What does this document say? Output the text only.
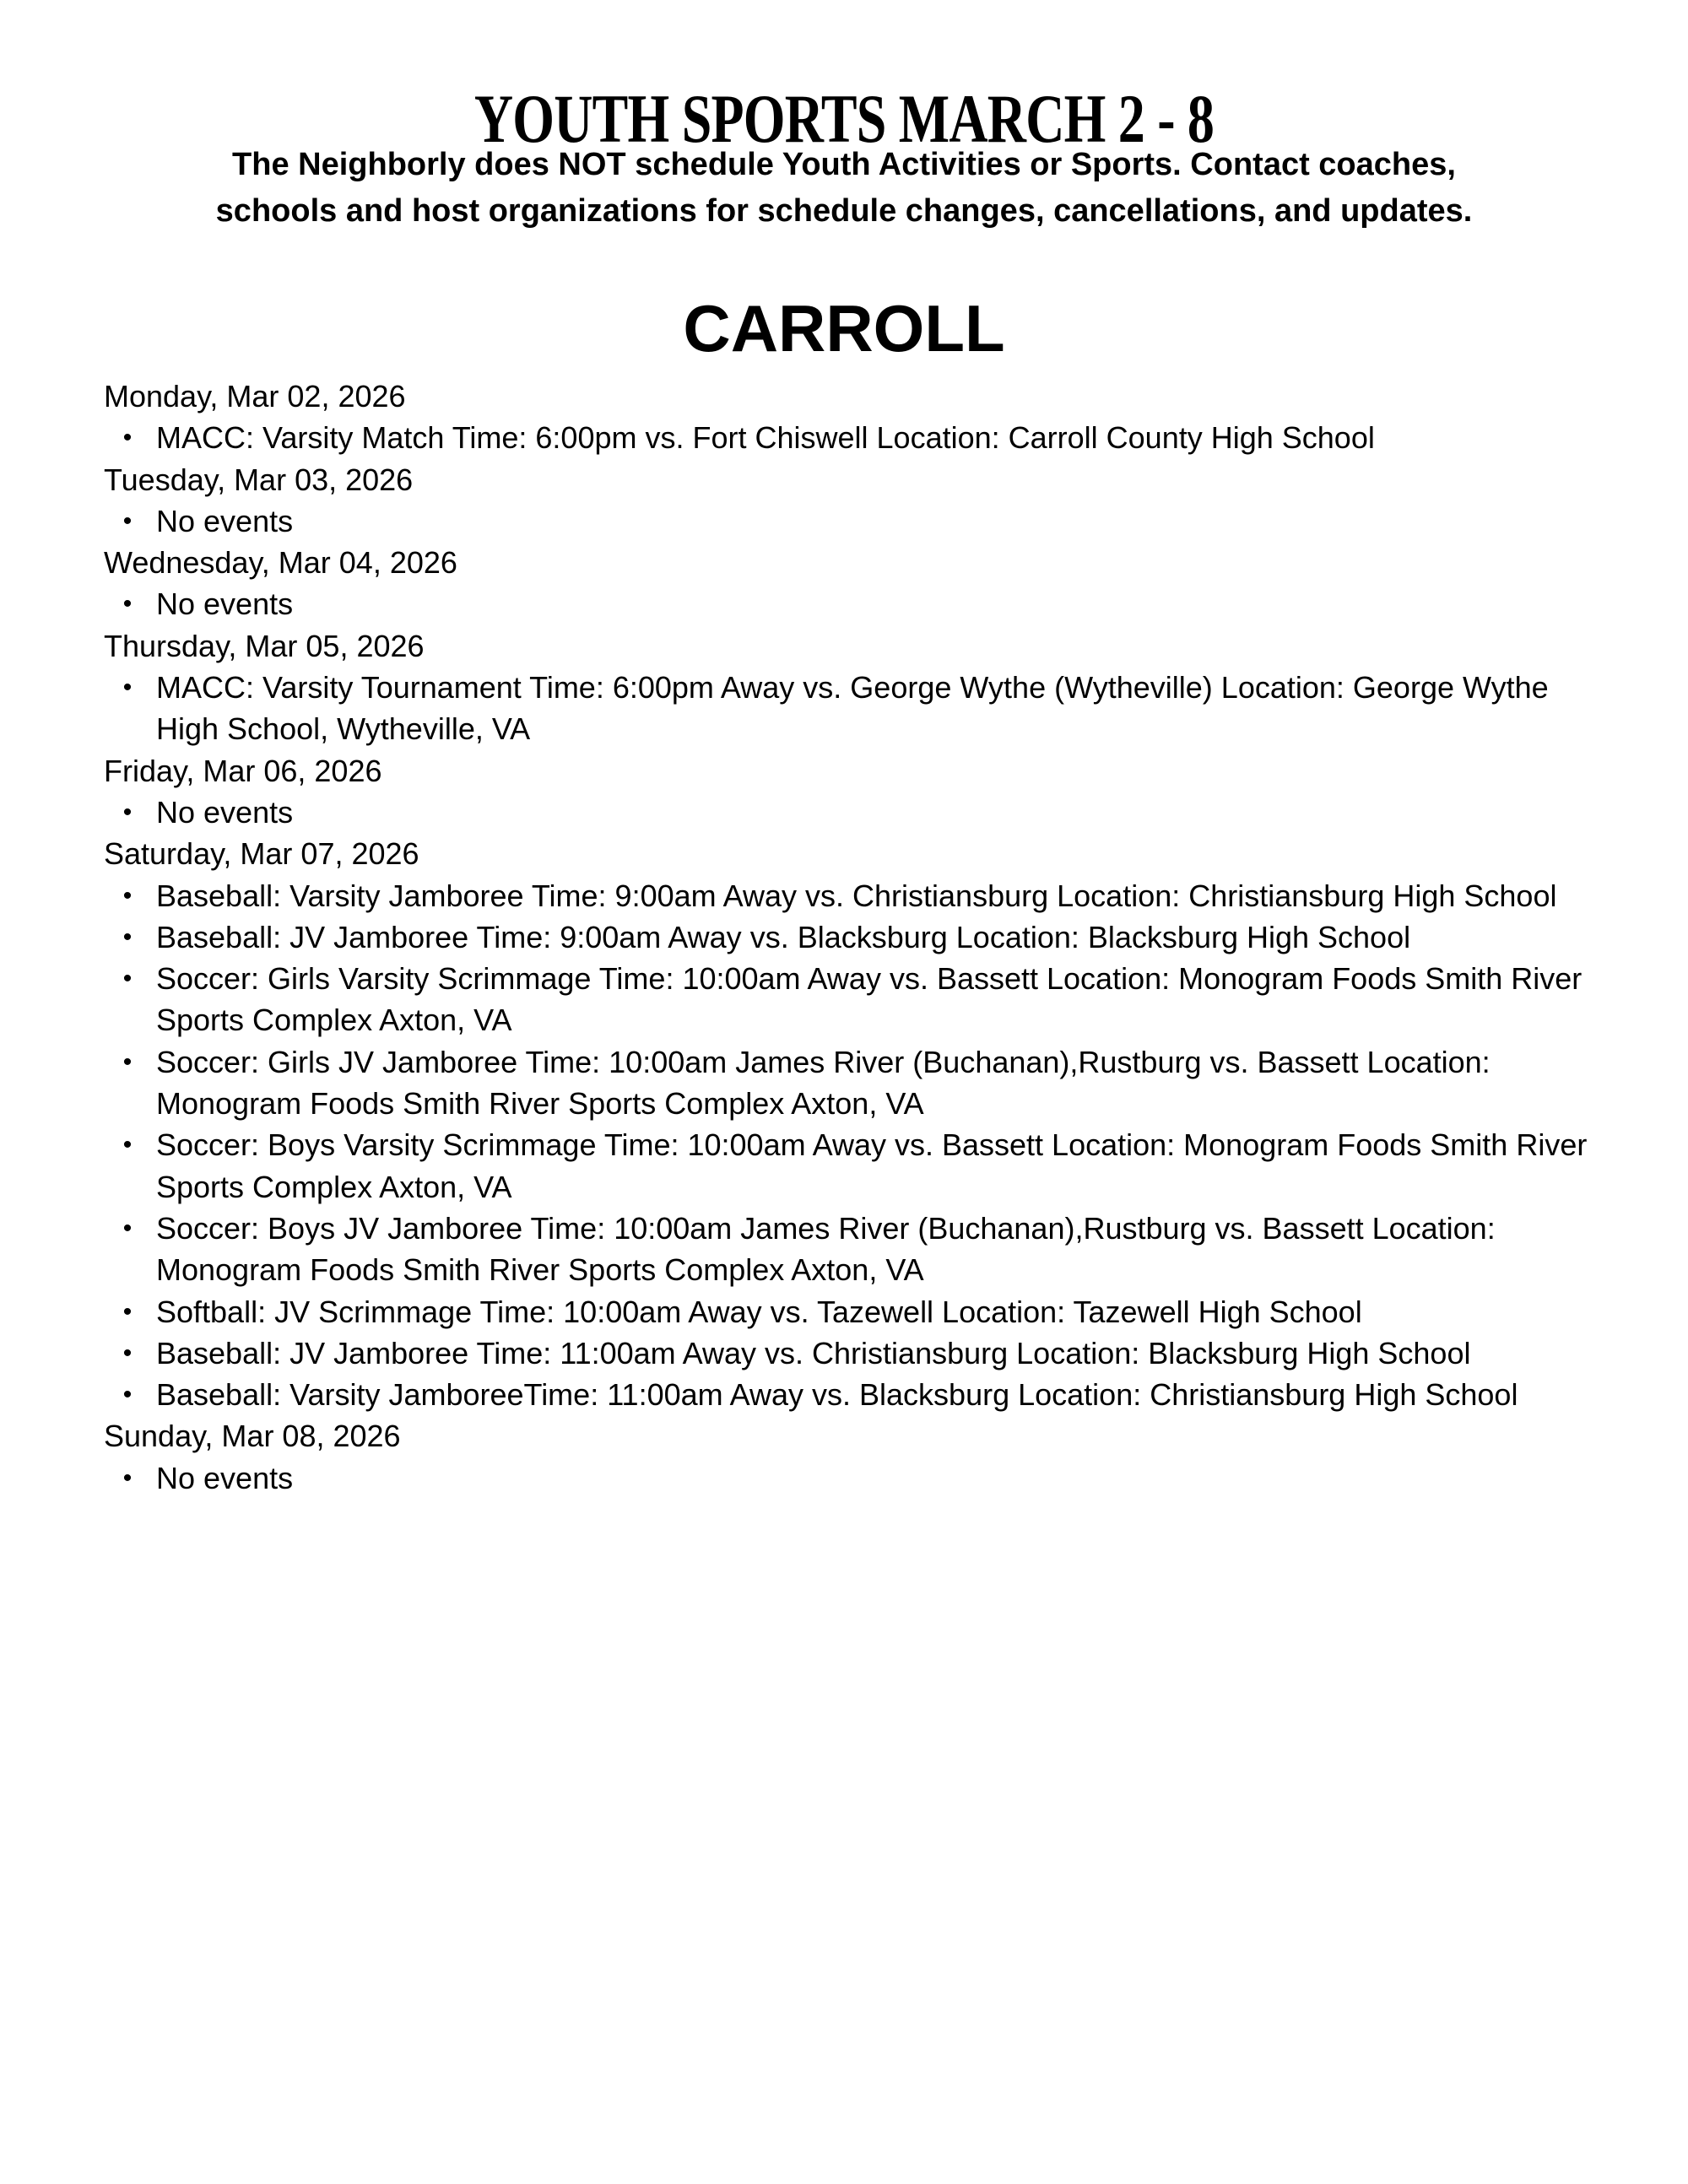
YOUTH SPORTS MARCH 2 - 8
The Neighborly does NOT schedule Youth Activities or Sports. Contact coaches,
schools and host organizations for schedule changes, cancellations, and updates.
CARROLL
Monday, Mar 02, 2026
• MACC: Varsity Match Time: 6:00pm vs. Fort Chiswell Location: Carroll County High School
Tuesday, Mar 03, 2026
• No events
Wednesday, Mar 04, 2026
• No events
Thursday, Mar 05, 2026
• MACC: Varsity Tournament Time: 6:00pm Away vs. George Wythe (Wytheville) Location: George Wythe High School, Wytheville, VA
Friday, Mar 06, 2026
• No events
Saturday, Mar 07, 2026
• Baseball: Varsity Jamboree Time: 9:00am Away vs. Christiansburg Location: Christiansburg High School
• Baseball: JV Jamboree Time: 9:00am Away vs. Blacksburg Location: Blacksburg High School
• Soccer: Girls Varsity Scrimmage Time: 10:00am Away vs. Bassett Location: Monogram Foods Smith River Sports Complex Axton, VA
• Soccer: Girls JV Jamboree Time: 10:00am James River (Buchanan),Rustburg vs. Bassett Location: Monogram Foods Smith River Sports Complex Axton, VA
• Soccer: Boys Varsity Scrimmage Time: 10:00am Away vs. Bassett Location: Monogram Foods Smith River Sports Complex Axton, VA
• Soccer: Boys JV Jamboree Time: 10:00am James River (Buchanan),Rustburg vs. Bassett Location: Monogram Foods Smith River Sports Complex Axton, VA
• Softball: JV Scrimmage Time: 10:00am Away vs. Tazewell Location: Tazewell High School
• Baseball: JV Jamboree Time: 11:00am Away vs. Christiansburg Location: Blacksburg High School
• Baseball: Varsity JamboreeTime: 11:00am Away vs. Blacksburg Location: Christiansburg High School
Sunday, Mar 08, 2026
• No events
